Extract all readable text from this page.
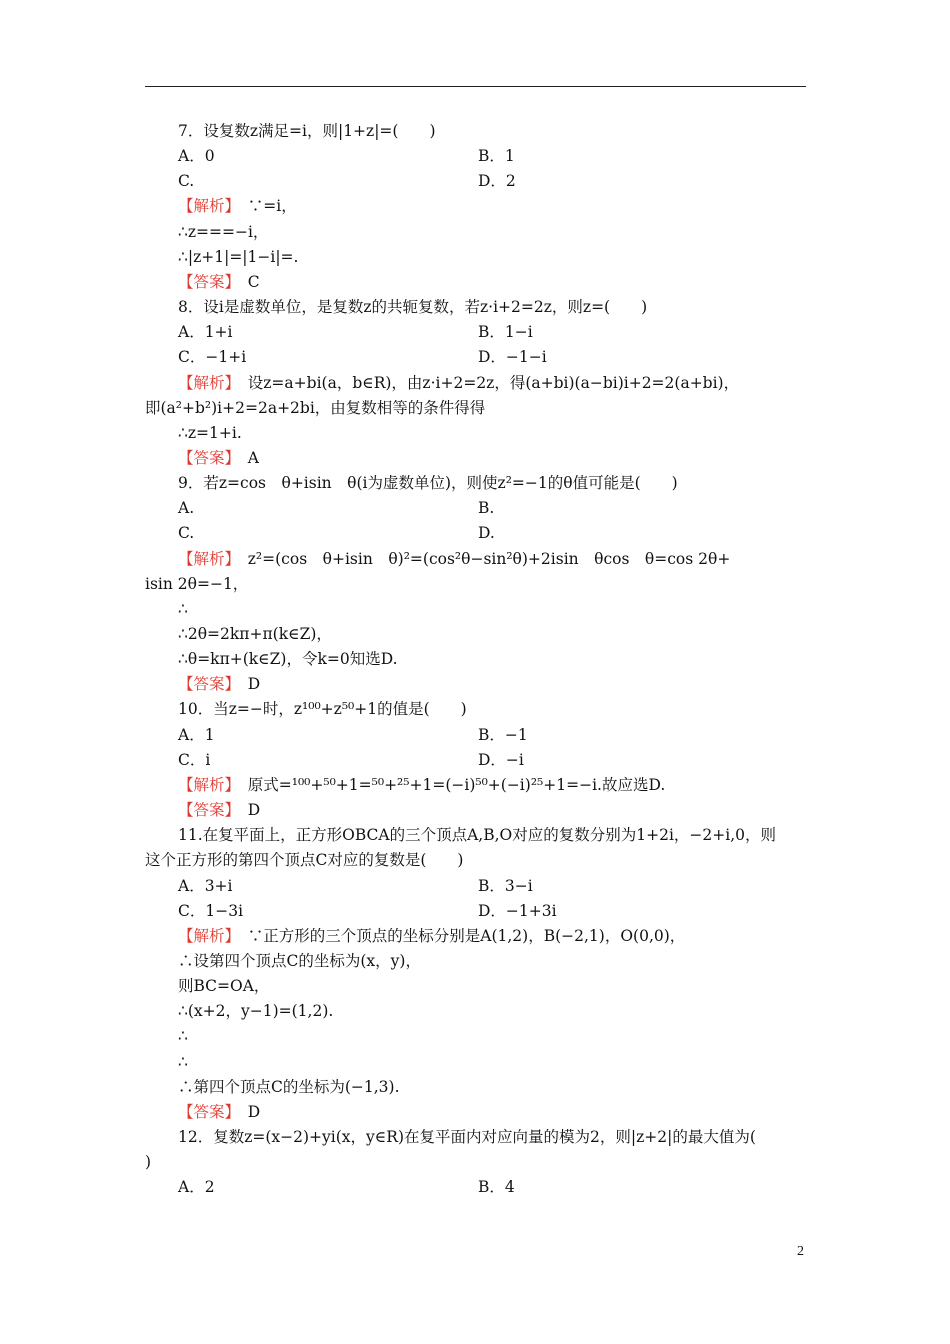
7．设复数z满足=i，则|1+z|=(　　)
A．0	B．1
C.	D．2
【解析】　∵=i，
∴z===−i，
∴|z+1|=|1−i|=.
【答案】　C
8．设i是虚数单位，是复数z的共轭复数，若z·i+2=2z，则z=(　　)
A．1+i	B．1−i
C．−1+i	D．−1−i
【解析】　设z=a+bi(a，b∈R)，由z·i+2=2z，得(a+bi)(a−bi)i+2=2(a+bi)，
即(a²+b²)i+2=2a+2bi，由复数相等的条件得得
∴z=1+i.
【答案】　A
9．若z=cos　θ+isin　θ(i为虚数单位)，则使z²=−1的θ值可能是(　　)
A.	B.
C.	D.
【解析】　z²=(cos　θ+isin　θ)²=(cos²θ−sin²θ)+2isin　θcos　θ=cos 2θ+
isin 2θ=−1，
∴
∴2θ=2kπ+π(k∈Z)，
∴θ=kπ+(k∈Z)，令k=0知选D.
【答案】　D
10．当z=−时，z¹⁰⁰+z⁵⁰+1的值是(　　)
A．1	B．−1
C．i	D．−i
【解析】　原式=¹⁰⁰+⁵⁰+1=⁵⁰+²⁵+1=(−i)⁵⁰+(−i)²⁵+1=−i.故应选D.
【答案】　D
11.在复平面上，正方形OBCA的三个顶点A,B,O对应的复数分别为1+2i，−2+i,0，则
这个正方形的第四个顶点C对应的复数是(　　)
A．3+i	B．3−i
C．1−3i	D．−1+3i
【解析】　∵正方形的三个顶点的坐标分别是A(1,2)，B(−2,1)，O(0,0)，
∴设第四个顶点C的坐标为(x，y)，
则BC=OA，
∴(x+2，y−1)=(1,2).
∴
∴
∴第四个顶点C的坐标为(−1,3).
【答案】　D
12．复数z=(x−2)+yi(x，y∈R)在复平面内对应向量的模为2，则|z+2|的最大值为(
)
A．2	B．4
2
